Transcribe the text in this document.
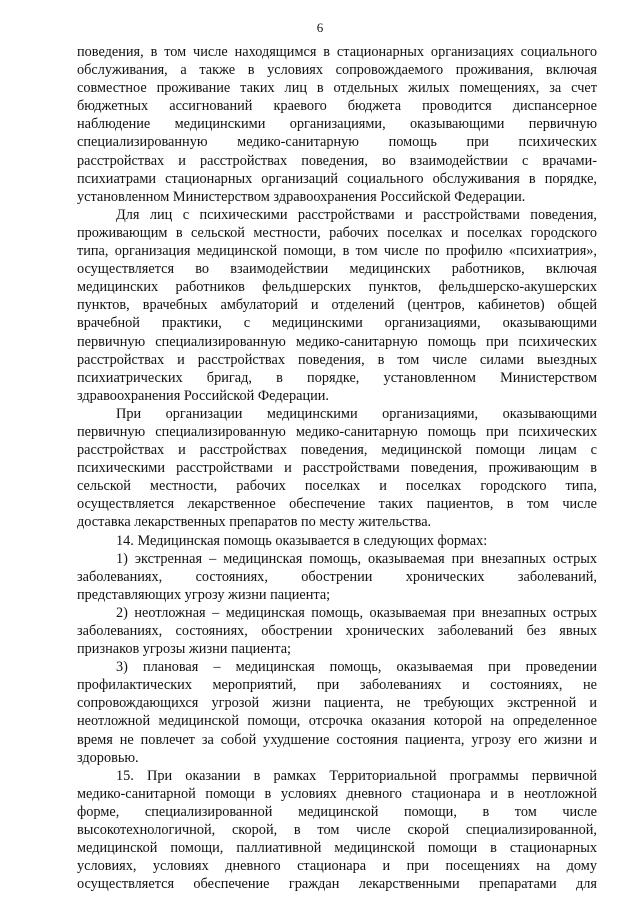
6
поведения, в том числе находящимся в стационарных организациях социального
обслуживания, а также в условиях сопровождаемого проживания, включая
совместное проживание таких лиц в отдельных жилых помещениях, за счет
бюджетных ассигнований краевого бюджета проводится диспансерное
наблюдение медицинскими организациями, оказывающими первичную
специализированную медико-санитарную помощь при психических
расстройствах и расстройствах поведения, во взаимодействии с врачами-
психиатрами стационарных организаций социального обслуживания в порядке,
установленном Министерством здравоохранения Российской Федерации.
Для лиц с психическими расстройствами и расстройствами поведения,
проживающим в сельской местности, рабочих поселках и поселках городского
типа, организация медицинской помощи, в том числе по профилю «психиатрия»,
осуществляется во взаимодействии медицинских работников, включая
медицинских работников фельдшерских пунктов, фельдшерско-акушерских
пунктов, врачебных амбулаторий и отделений (центров, кабинетов) общей
врачебной практики, с медицинскими организациями, оказывающими
первичную специализированную медико-санитарную помощь при психических
расстройствах и расстройствах поведения, в том числе силами выездных
психиатрических бригад, в порядке, установленном Министерством
здравоохранения Российской Федерации.
При организации медицинскими организациями, оказывающими
первичную специализированную медико-санитарную помощь при психических
расстройствах и расстройствах поведения, медицинской помощи лицам с
психическими расстройствами и расстройствами поведения, проживающим в
сельской местности, рабочих поселках и поселках городского типа,
осуществляется лекарственное обеспечение таких пациентов, в том числе
доставка лекарственных препаратов по месту жительства.
14. Медицинская помощь оказывается в следующих формах:
1) экстренная – медицинская помощь, оказываемая при внезапных острых
заболеваниях, состояниях, обострении хронических заболеваний,
представляющих угрозу жизни пациента;
2) неотложная – медицинская помощь, оказываемая при внезапных острых
заболеваниях, состояниях, обострении хронических заболеваний без явных
признаков угрозы жизни пациента;
3) плановая – медицинская помощь, оказываемая при проведении
профилактических мероприятий, при заболеваниях и состояниях, не
сопровождающихся угрозой жизни пациента, не требующих экстренной и
неотложной медицинской помощи, отсрочка оказания которой на определенное
время не повлечет за собой ухудшение состояния пациента, угрозу его жизни и
здоровью.
15. При оказании в рамках Территориальной программы первичной
медико-санитарной помощи в условиях дневного стационара и в неотложной
форме, специализированной медицинской помощи, в том числе
высокотехнологичной, скорой, в том числе скорой специализированной,
медицинской помощи, паллиативной медицинской помощи в стационарных
условиях, условиях дневного стационара и при посещениях на дому
осуществляется обеспечение граждан лекарственными препаратами для
